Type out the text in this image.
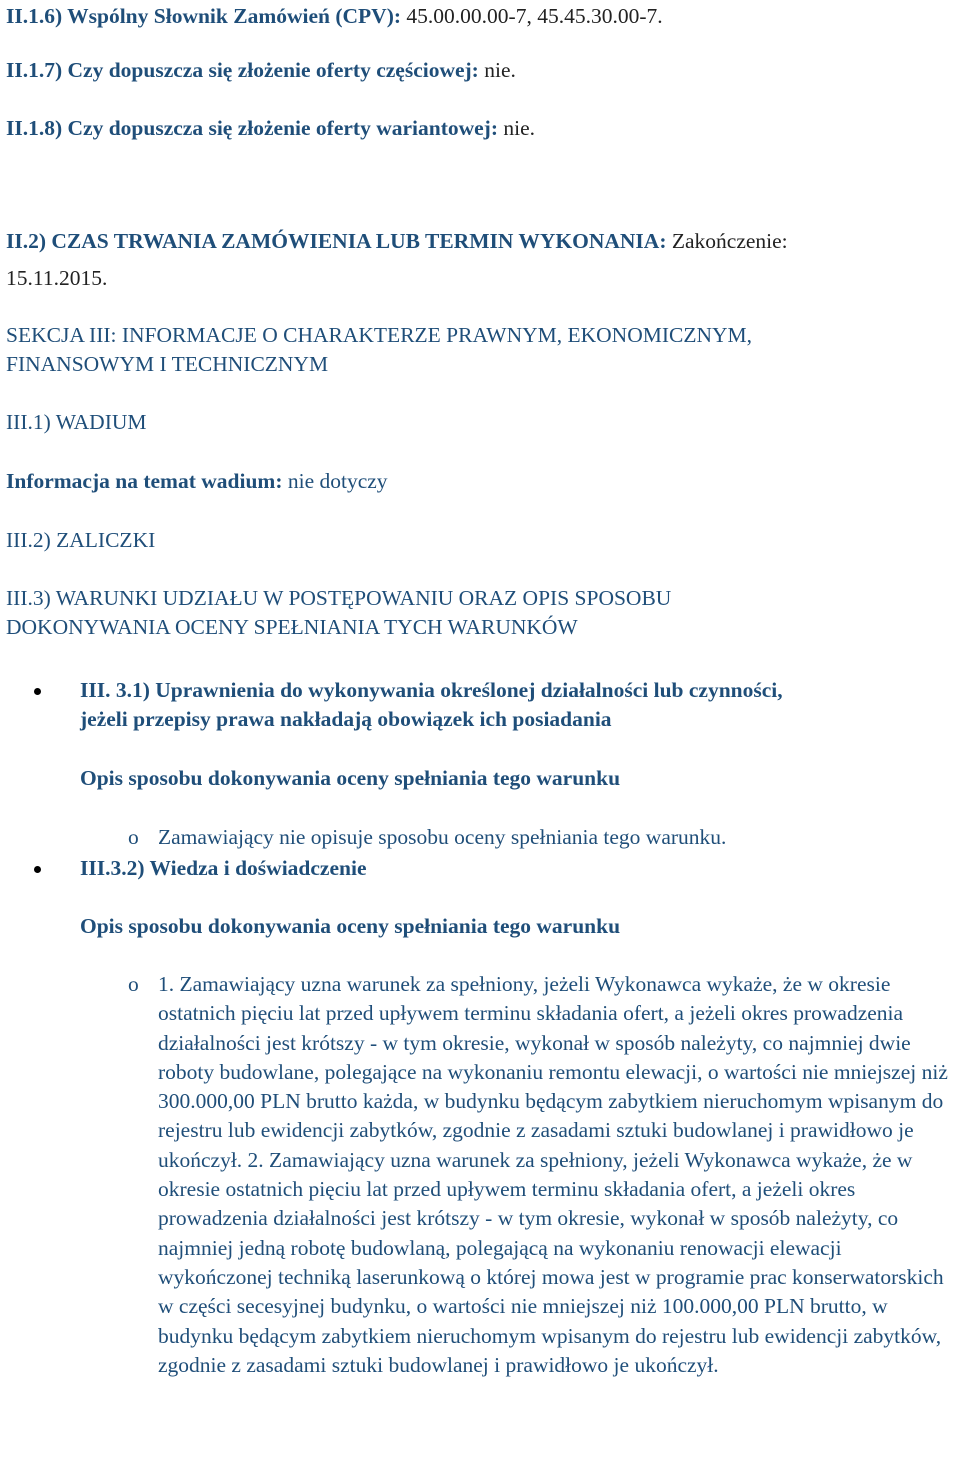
II.1.6) Wspólny Słownik Zamówień (CPV): 45.00.00.00-7, 45.45.30.00-7.
II.1.7) Czy dopuszcza się złożenie oferty częściowej: nie.
II.1.8) Czy dopuszcza się złożenie oferty wariantowej: nie.
II.2) CZAS TRWANIA ZAMÓWIENIA LUB TERMIN WYKONANIA: Zakończenie:
15.11.2015.
SEKCJA III: INFORMACJE O CHARAKTERZE PRAWNYM, EKONOMICZNYM,
FINANSOWYM I TECHNICZNYM
III.1) WADIUM
Informacja na temat wadium: nie dotyczy
III.2) ZALICZKI
III.3) WARUNKI UDZIAŁU W POSTĘPOWANIU ORAZ OPIS SPOSOBU
DOKONYWANIA OCENY SPEŁNIANIA TYCH WARUNKÓW
III. 3.1) Uprawnienia do wykonywania określonej działalności lub czynności,
jeżeli przepisy prawa nakładają obowiązek ich posiadania
Opis sposobu dokonywania oceny spełniania tego warunku
o Zamawiający nie opisuje sposobu oceny spełniania tego warunku.
III.3.2) Wiedza i doświadczenie
Opis sposobu dokonywania oceny spełniania tego warunku
o 1. Zamawiający uzna warunek za spełniony, jeżeli Wykonawca wykaże, że w okresie ostatnich pięciu lat przed upływem terminu składania ofert, a jeżeli okres prowadzenia działalności jest krótszy - w tym okresie, wykonał w sposób należyty, co najmniej dwie roboty budowlane, polegające na wykonaniu remontu elewacji, o wartości nie mniejszej niż 300.000,00 PLN brutto każda, w budynku będącym zabytkiem nieruchomym wpisanym do rejestru lub ewidencji zabytków, zgodnie z zasadami sztuki budowlanej i prawidłowo je ukończył. 2. Zamawiający uzna warunek za spełniony, jeżeli Wykonawca wykaże, że w okresie ostatnich pięciu lat przed upływem terminu składania ofert, a jeżeli okres prowadzenia działalności jest krótszy - w tym okresie, wykonał w sposób należyty, co najmniej jedną robotę budowlaną, polegającą na wykonaniu renowacji elewacji wykończonej techniką laserunkową o której mowa jest w programie prac konserwatorskich w części secesyjnej budynku, o wartości nie mniejszej niż 100.000,00 PLN brutto, w budynku będącym zabytkiem nieruchomym wpisanym do rejestru lub ewidencji zabytków, zgodnie z zasadami sztuki budowlanej i prawidłowo je ukończył.
